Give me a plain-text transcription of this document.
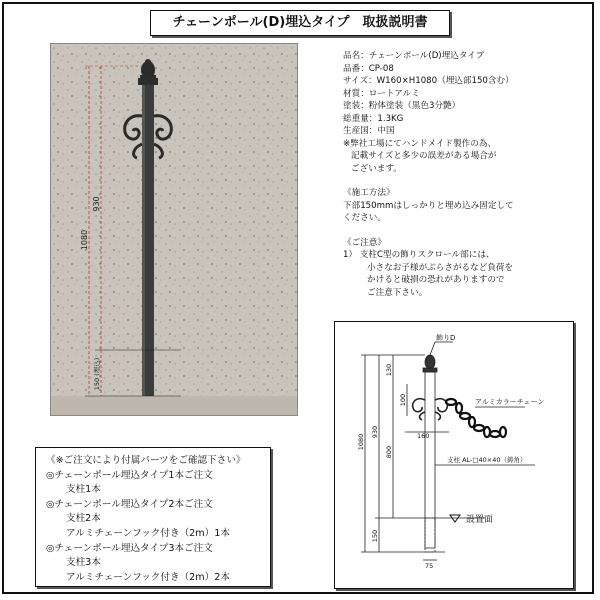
チェーンポール(D)埋込タイプ　取扱説明書
1080
930
150 (埋込)
品名：チェーンポール(D)埋込タイプ
品番：CP-08
サイズ：W160×H1080（埋込部150含む）
材質：ロートアルミ
塗装：粉体塗装（黒色3分艶）
総重量：1.3KG
生産国：中国
※弊社工場にてハンドメイド製作の為、
記載サイズと多少の誤差がある場合が
ございます。
《施工方法》
下部150mmはしっかりと埋め込み固定して
ください。
《ご注意》
1） 支柱C型の飾りスクロール部には、
小さなお子様がぶらさがるなど負荷を
かけると破損の恐れがありますので
ご注意下さい。
《※ご注文により付属パーツをご確認下さい》
◎チェーンポール埋込タイプ1本ご注文
支柱1本
◎チェーンポール埋込タイプ2本ご注文
支柱2本
アルミチェーンフック付き（2m）1本
◎チェーンポール埋込タイプ3本ご注文
支柱3本
アルミチェーンフック付き（2m）2本
設置面
飾りD
アルミカラーチェーン
支柱 AL-□40×40（鋳角）
1080
930
130
800
100
150
160
75
